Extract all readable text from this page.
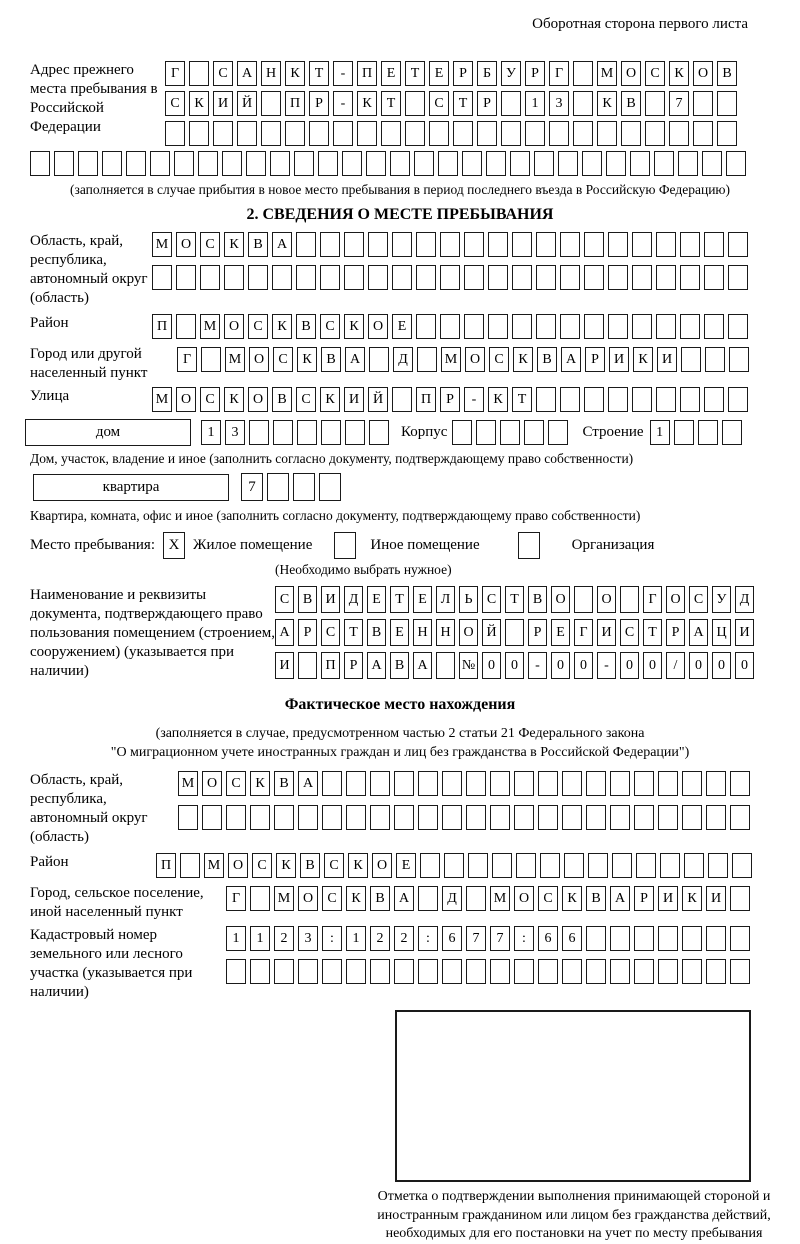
Оборотная сторона первого листа
Адрес прежнего места пребывания в Российской Федерации
Г	С	А Н	К	Т	-	П	Е	Т	Е	Р	Б	У	Р	Г	М О	С	К	О	В
С	К	И Й	П	Р	-	К	Т	С	Т	Р	1	3	К	В	7
(заполняется в случае прибытия в новое место пребывания в период последнего въезда в Российскую Федерацию)
2. СВЕДЕНИЯ О МЕСТЕ ПРЕБЫВАНИЯ
Область, край, республика, автономный округ (область)
М О	С	К	В	А
Район	П	М О	С	К	В	С	К	О	Е
Город или другой населенный пункт
Г	М О	С	К	В	А	Д	М О	С	К	В	А	Р	И	К	И
Улица	М О	С	К	О	В	С	К	И Й	П	Р	-	К	Т
дом	1	3	Корпус	Строение 1
Дом, участок, владение и иное (заполнить согласно документу, подтверждающему право собственности)
квартира	7
Квартира, комната, офис и иное (заполнить согласно документу, подтверждающему право собственности)
Место пребывания: X Жилое помещение	Иное помещение	Организация
(Необходимо выбрать нужное)
Наименование и реквизиты документа, подтверждающего право пользования помещением (строением, сооружением) (указывается при наличии)
С В И Д Е	Т	Е Л	Ь	С	Т	В О	О	Г О С У Д
А	Р	С	Т	В	Е Н Н О Й	Р	Е	Г И С	Т	Р	А Ц И
И	П	Р	А В А	№ 0	0	-	0	0	-	0	0	/	0	0	0
Фактическое место нахождения
(заполняется в случае, предусмотренном частью 2 статьи 21 Федерального закона
"О миграционном учете иностранных граждан и лиц без гражданства в Российской Федерации")
Область, край, республика, автономный округ (область)
М О	С	К	В	А
Район	П	М О	С	К	В	С	К	О	Е
Город, сельское поселение, иной населенный пункт
Г	М О	С	К	В	А	Д	М О	С	К	В	А	Р	И	К	И
Кадастровый номер земельного или лесного участка (указывается при наличии)
1	1	2	3	:	1	2	2	:	6	7	7	:	6	6
Отметка о подтверждении выполнения принимающей стороной и иностранным гражданином или лицом без гражданства действий, необходимых для его постановки на учет по месту пребывания
